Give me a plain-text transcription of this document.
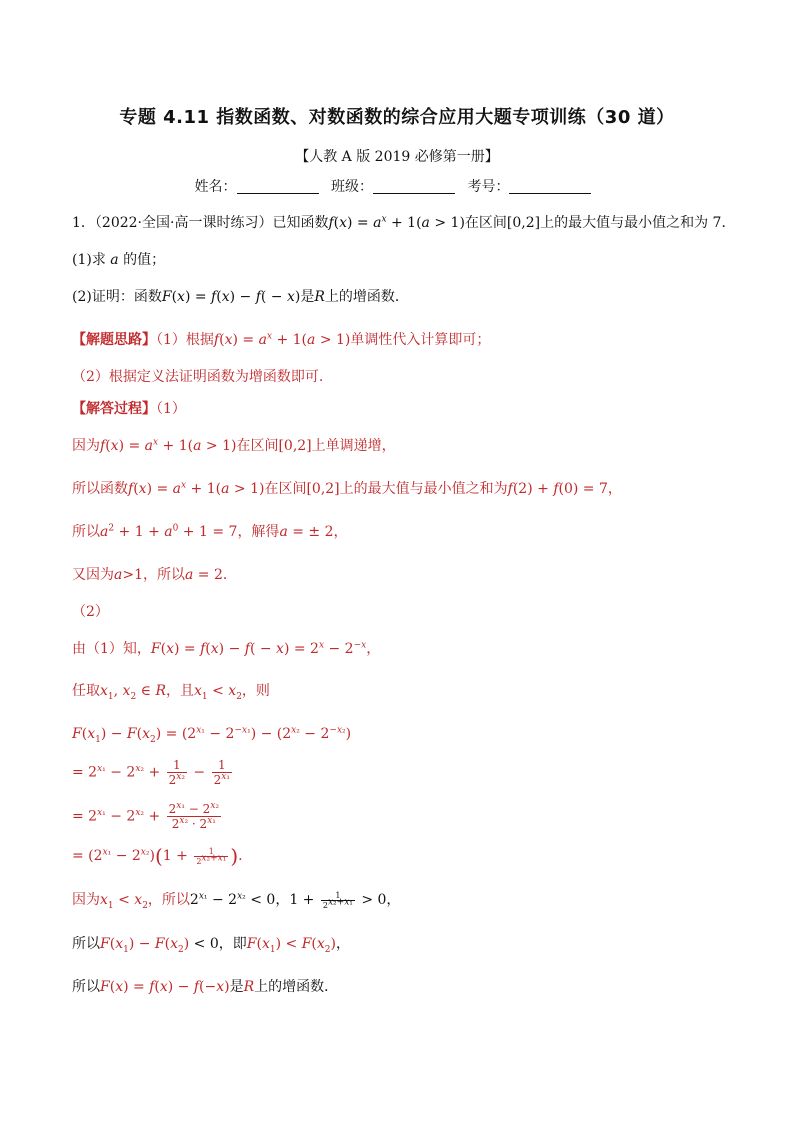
专题 4.11 指数函数、对数函数的综合应用大题专项训练（30 道）
【人教 A 版 2019 必修第一册】
姓名：	班级：	考号：
1．（2022·全国·高一课时练习）已知函数$f(x) = a^x + 1(a > 1)$在区间[0,2]上的最大值与最小值之和为 7．
(1)求 a 的值；
(2)证明：函数F(x) = f(x) − f( − x)是R上的增函数．
【解题思路】（1）根据$f(x) = a^x + 1(a > 1)$单调性代入计算即可；
（2）根据定义法证明函数为增函数即可.
【解答过程】（1）
因为$f(x) = a^x + 1(a > 1)$在区间[0,2]上单调递增，
所以函数$f(x) = a^x + 1(a > 1)$在区间[0,2]上的最大值与最小值之和为f(2) + f(0) = 7，
所以$a^2 + 1 + a^0 + 1 = 7$，解得a = ± 2，
又因为a>1，所以a = 2．
（2）
由（1）知，$F(x) = f(x) - f( - x) = 2^x - 2^{-x}$，
任取$x_1$, $x_2$ ∈ R，且$x_1 < x_2$，则
$F(x_1) - F(x_2) = (2^{x_1} - 2^{-x_1}) - (2^{x_2} - 2^{-x_2})$
= $2^{x_1} - 2^{x_2} + \frac{1}{2^{x_2}} - \frac{1}{2^{x_1}}$
= $2^{x_1} - 2^{x_2} + \frac{2^{x_1} - 2^{x_2}}{2^{x_2} \cdot 2^{x_1}}$
= $(2^{x_1} - 2^{x_2})(1 + \frac{1}{2^{x_2+x_1}}$ ).
因为$x_1 < x_2$，所以$2^{x_1} - 2^{x_2} < 0$，$1 + \frac{1}{2^{x_2+x_1}} > 0$，
所以$F(x_1) - F(x_2) < 0$，即$F(x_1) < F(x_2)$，
所以F(x) = f(x) − f(−x)是R上的增函数．
